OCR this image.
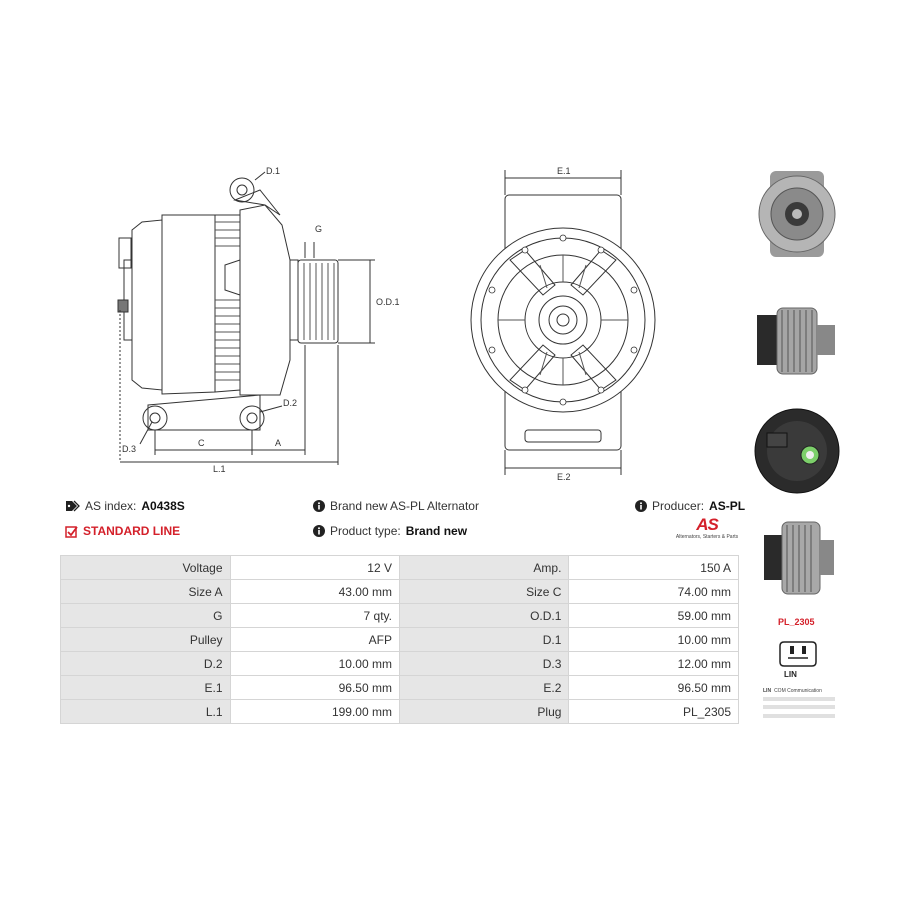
D.1
G
O.D.1
D.2
D.3
C	A
L.1
E.1
E.2
PL_2305
LIN
LIN COM Communication
AS index: A0438S
STANDARD LINE
Brand new AS-PL Alternator
Product type: Brand new
Producer: AS-PL
AS
Alternators, Starters & Parts
Voltage	12 V	Amp.	150 A
Size A	43.00 mm	Size C	74.00 mm
G	7 qty.	O.D.1	59.00 mm
Pulley	AFP	D.1	10.00 mm
D.2	10.00 mm	D.3	12.00 mm
E.1	96.50 mm	E.2	96.50 mm
L.1	199.00 mm	Plug	PL_2305
